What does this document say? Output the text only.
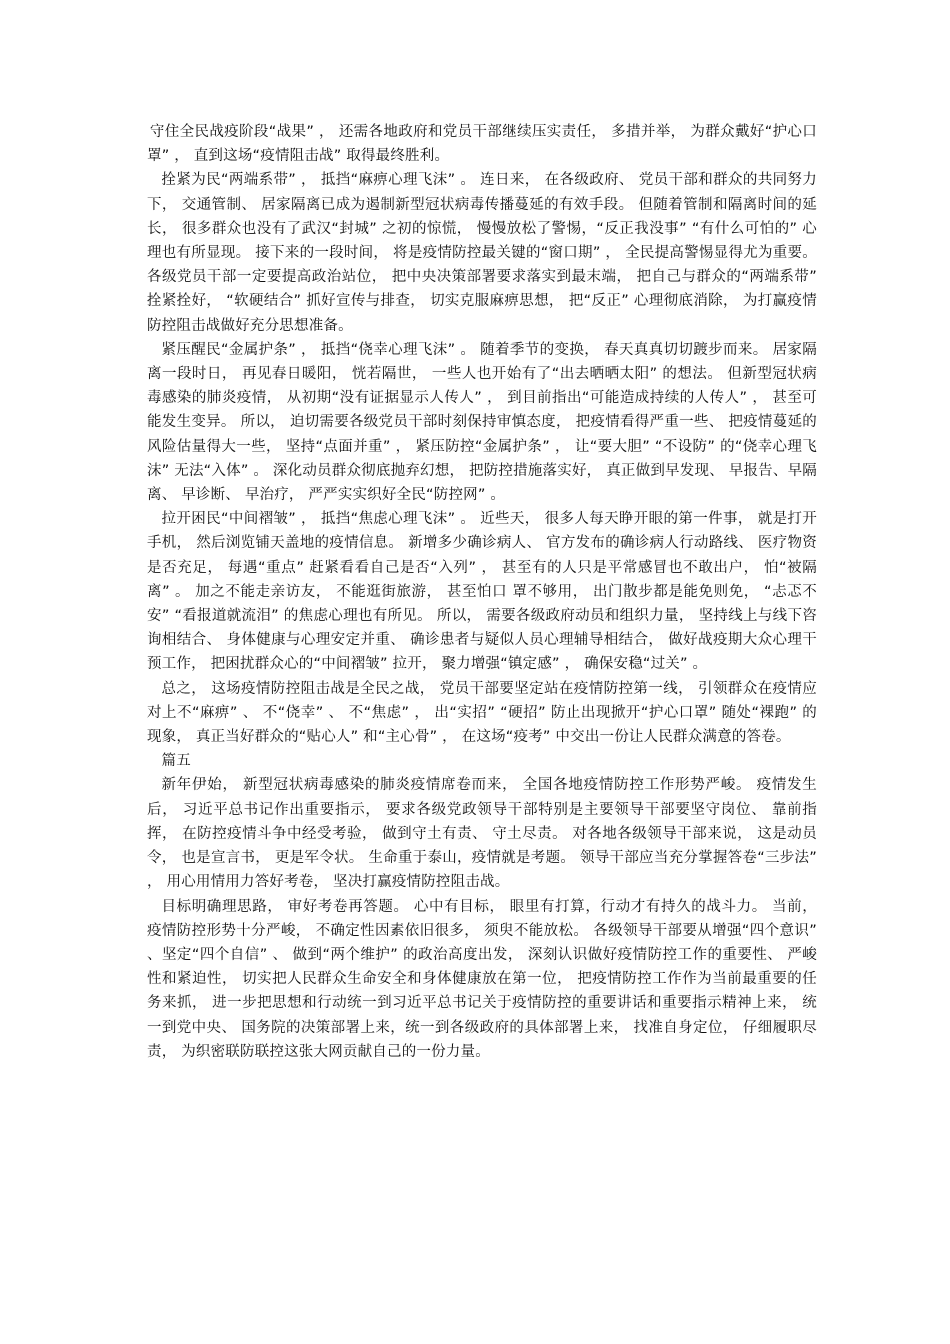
守住全民战疫阶段“战果” ， 还需各地政府和党员干部继续压实责任， 多措并举， 为群众戴好“护心口罩” ， 直到这场“疫情阻击战” 取得最终胜利。

拴紧为民“两端系带” ， 抵挡“麻痹心理飞沫” 。 连日来， 在各级政府、 党员干部和群众的共同努力下， 交通管制、 居家隔离已成为遏制新型冠状病毒传播蔓延的有效手段。 但随着管制和隔离时间的延长， 很多群众也没有了武汉“封城” 之初的惊慌， 慢慢放松了警惕，“反正我没事” “有什么可怕的” 心理也有所显现。 接下来的一段时间， 将是疫情防控最关键的“窗口期” ， 全民提高警惕显得尤为重要。各级党员干部一定要提高政治站位， 把中央决策部署要求落实到最末端， 把自己与群众的“两端系带” 拴紧拴好， “软硬结合” 抓好宣传与排查， 切实克服麻痹思想， 把“反正” 心理彻底消除， 为打赢疫情防控阻击战做好充分思想准备。

紧压醒民“金属护条” ， 抵挡“侥幸心理飞沫” 。 随着季节的变换， 春天真真切切踱步而来。 居家隔离一段时日， 再见春日暖阳， 恍若隔世， 一些人也开始有了“出去晒晒太阳” 的想法。 但新型冠状病毒感染的肺炎疫情， 从初期“没有证据显示人传人” ， 到目前指出“可能造成持续的人传人” ， 甚至可能发生变异。 所以， 迫切需要各级党员干部时刻保持审慎态度， 把疫情看得严重一些、 把疫情蔓延的风险估量得大一些， 坚持“点面并重” ， 紧压防控“金属护条” ， 让“要大胆” “不设防” 的“侥幸心理飞沫” 无法“入体” 。 深化动员群众彻底抛弃幻想， 把防控措施落实好， 真正做到早发现、 早报告、早隔离、 早诊断、 早治疗， 严严实实织好全民“防控网” 。

拉开困民“中间褶皱” ， 抵挡“焦虑心理飞沫” 。 近些天， 很多人每天睁开眼的第一件事， 就是打开手机， 然后浏览铺天盖地的疫情信息。 新增多少确诊病人、 官方发布的确诊病人行动路线、 医疗物资是否充足， 每遇“重点” 赶紧看看自己是否“入列” ， 甚至有的人只是平常感冒也不敢出户， 怕“被隔离” 。 加之不能走亲访友， 不能逛街旅游， 甚至怕口 罩不够用， 出门散步都是能免则免， “忐忑不安” “看报道就流泪” 的焦虑心理也有所见。 所以， 需要各级政府动员和组织力量， 坚持线上与线下咨询相结合、 身体健康与心理安定并重、 确诊患者与疑似人员心理辅导相结合， 做好战疫期大众心理干预工作， 把困扰群众心的“中间褶皱” 拉开， 聚力增强“镇定感” ， 确保安稳“过关” 。

总之， 这场疫情防控阻击战是全民之战， 党员干部要坚定站在疫情防控第一线， 引领群众在疫情应对上不“麻痹” 、 不“侥幸” 、 不“焦虑” ， 出“实招” “硬招” 防止出现掀开“护心口罩” 随处“裸跑” 的现象， 真正当好群众的“贴心人” 和“主心骨” ， 在这场“疫考” 中交出一份让人民群众满意的答卷。

篇五

新年伊始， 新型冠状病毒感染的肺炎疫情席卷而来， 全国各地疫情防控工作形势严峻。 疫情发生后， 习近平总书记作出重要指示， 要求各级党政领导干部特别是主要领导干部要坚守岗位、 靠前指挥， 在防控疫情斗争中经受考验， 做到守土有责、 守土尽责。 对各地各级领导干部来说， 这是动员令， 也是宣言书， 更是军令状。 生命重于泰山，疫情就是考题。 领导干部应当充分掌握答卷“三步法” ， 用心用情用力答好考卷， 坚决打赢疫情防控阻击战。

目标明确理思路， 审好考卷再答题。 心中有目标， 眼里有打算，行动才有持久的战斗力。 当前， 疫情防控形势十分严峻， 不确定性因素依旧很多， 须臾不能放松。 各级领导干部要从增强“四个意识” 、坚定“四个自信” 、 做到“两个维护” 的政治高度出发， 深刻认识做好疫情防控工作的重要性、 严峻性和紧迫性， 切实把人民群众生命安全和身体健康放在第一位， 把疫情防控工作作为当前最重要的任务来抓， 进一步把思想和行动统一到习近平总书记关于疫情防控的重要讲话和重要指示精神上来， 统一到党中央、 国务院的决策部署上来，统一到各级政府的具体部署上来， 找准自身定位， 仔细履职尽责， 为织密联防联控这张大网贡献自己的一份力量。
